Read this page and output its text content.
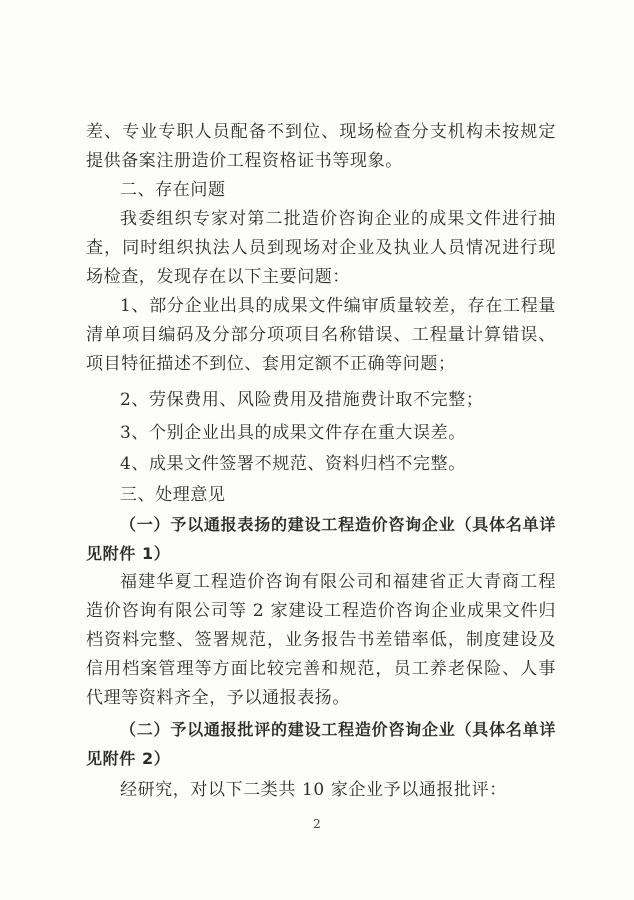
差、专业专职人员配备不到位、现场检查分支机构未按规定提供备案注册造价工程资格证书等现象。
二、存在问题
我委组织专家对第二批造价咨询企业的成果文件进行抽查，同时组织执法人员到现场对企业及执业人员情况进行现场检查，发现存在以下主要问题：
1、部分企业出具的成果文件编审质量较差，存在工程量清单项目编码及分部分项项目名称错误、工程量计算错误、项目特征描述不到位、套用定额不正确等问题；
2、劳保费用、风险费用及措施费计取不完整；
3、个别企业出具的成果文件存在重大误差。
4、成果文件签署不规范、资料归档不完整。
三、处理意见
（一）予以通报表扬的建设工程造价咨询企业（具体名单详见附件 1）
福建华夏工程造价咨询有限公司和福建省正大青商工程造价咨询有限公司等 2 家建设工程造价咨询企业成果文件归档资料完整、签署规范，业务报告书差错率低，制度建设及信用档案管理等方面比较完善和规范，员工养老保险、人事代理等资料齐全，予以通报表扬。
（二）予以通报批评的建设工程造价咨询企业（具体名单详见附件 2）
经研究，对以下二类共 10 家企业予以通报批评：
2
